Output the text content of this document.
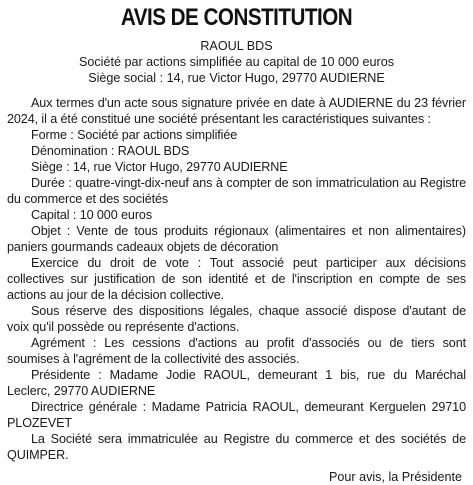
AVIS DE CONSTITUTION
RAOUL BDS
Société par actions simplifiée au capital de 10 000 euros
Siège social : 14, rue Victor Hugo, 29770 AUDIERNE

Aux termes d'un acte sous signature privée en date à AUDIERNE du 23 février 2024, il a été constitué une société présentant les caractéristiques suivantes :

Forme : Société par actions simplifiée

Dénomination : RAOUL BDS

Siège : 14, rue Victor Hugo, 29770 AUDIERNE

Durée : quatre-vingt-dix-neuf ans à compter de son immatriculation au Registre du commerce et des sociétés

Capital : 10 000 euros

Objet : Vente de tous produits régionaux (alimentaires et non alimentaires) paniers gourmands cadeaux objets de décoration

Exercice du droit de vote : Tout associé peut participer aux décisions collectives sur justification de son identité et de l'inscription en compte de ses actions au jour de la décision collective.

Sous réserve des dispositions légales, chaque associé dispose d'autant de voix qu'il possède ou représente d'actions.

Agrément : Les cessions d'actions au profit d'associés ou de tiers sont soumises à l'agrément de la collectivité des associés.

Présidente : Madame Jodie RAOUL, demeurant 1 bis, rue du Maréchal Leclerc, 29770 AUDIERNE

Directrice générale : Madame Patricia RAOUL, demeurant Kerguelen 29710 PLOZEVET

La Société sera immatriculée au Registre du commerce et des sociétés de QUIMPER.

Pour avis, la Présidente
